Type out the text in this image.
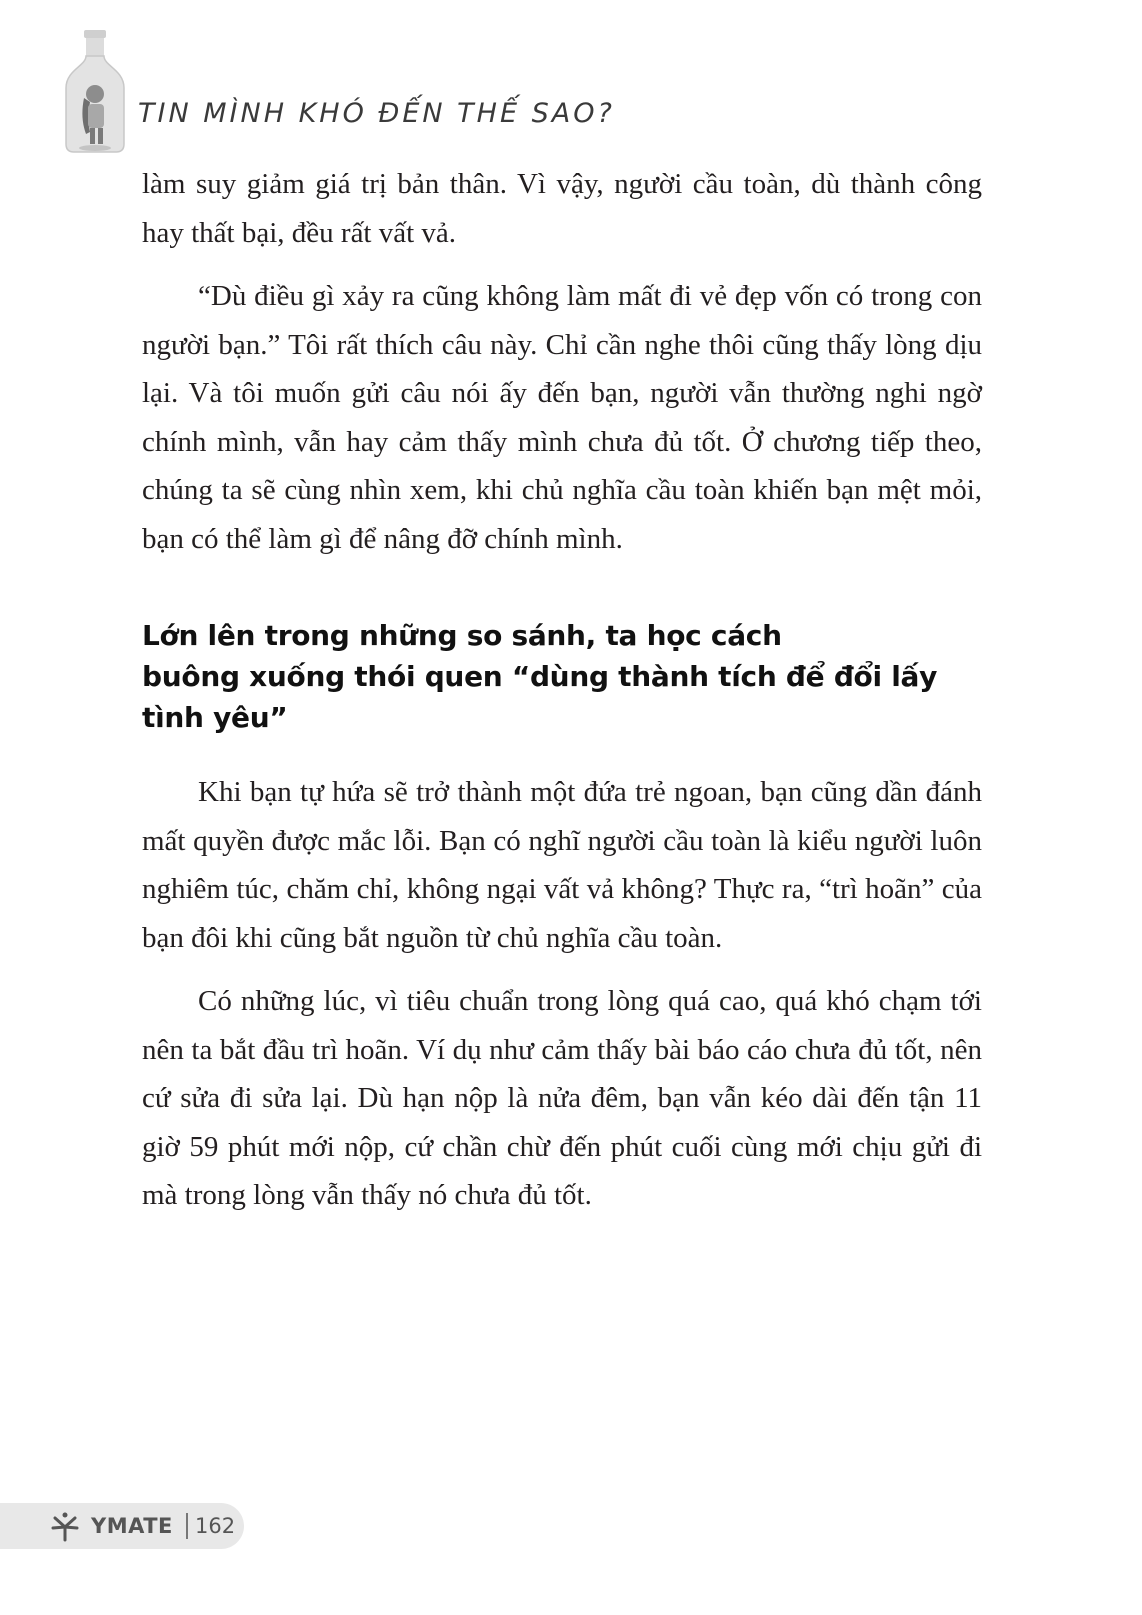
TIN MÌNH KHÓ ĐẾN THẾ SAO?

làm suy giảm giá trị bản thân. Vì vậy, người cầu toàn, dù thành công hay thất bại, đều rất vất vả.

“Dù điều gì xảy ra cũng không làm mất đi vẻ đẹp vốn có trong con người bạn.” Tôi rất thích câu này. Chỉ cần nghe thôi cũng thấy lòng dịu lại. Và tôi muốn gửi câu nói ấy đến bạn, người vẫn thường nghi ngờ chính mình, vẫn hay cảm thấy mình chưa đủ tốt. Ở chương tiếp theo, chúng ta sẽ cùng nhìn xem, khi chủ nghĩa cầu toàn khiến bạn mệt mỏi, bạn có thể làm gì để nâng đỡ chính mình.

Lớn lên trong những so sánh, ta học cách
buông xuống thói quen “dùng thành tích để đổi lấy
tình yêu”

Khi bạn tự hứa sẽ trở thành một đứa trẻ ngoan, bạn cũng dần đánh mất quyền được mắc lỗi. Bạn có nghĩ người cầu toàn là kiểu người luôn nghiêm túc, chăm chỉ, không ngại vất vả không? Thực ra, “trì hoãn” của bạn đôi khi cũng bắt nguồn từ chủ nghĩa cầu toàn.

Có những lúc, vì tiêu chuẩn trong lòng quá cao, quá khó chạm tới nên ta bắt đầu trì hoãn. Ví dụ như cảm thấy bài báo cáo chưa đủ tốt, nên cứ sửa đi sửa lại. Dù hạn nộp là nửa đêm, bạn vẫn kéo dài đến tận 11 giờ 59 phút mới nộp, cứ chần chừ đến phút cuối cùng mới chịu gửi đi mà trong lòng vẫn thấy nó chưa đủ tốt.

YMATE 162
